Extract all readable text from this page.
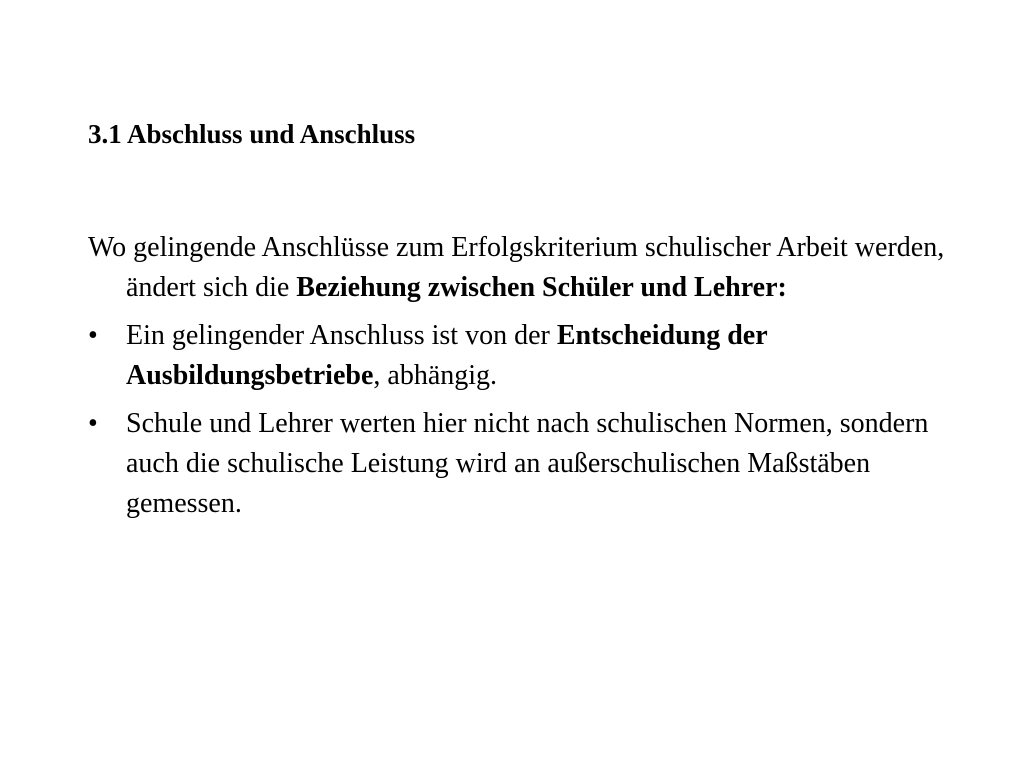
3.1 Abschluss und Anschluss

Wo gelingende Anschlüsse zum Erfolgskriterium schulischer Arbeit werden, ändert sich die Beziehung zwischen Schüler und Lehrer:

•	Ein gelingender Anschluss ist von der Entscheidung der Ausbildungsbetriebe, abhängig.
•	Schule und Lehrer werten hier nicht nach schulischen Normen, sondern auch die schulische Leistung wird an außerschulischen Maßstäben gemessen.
